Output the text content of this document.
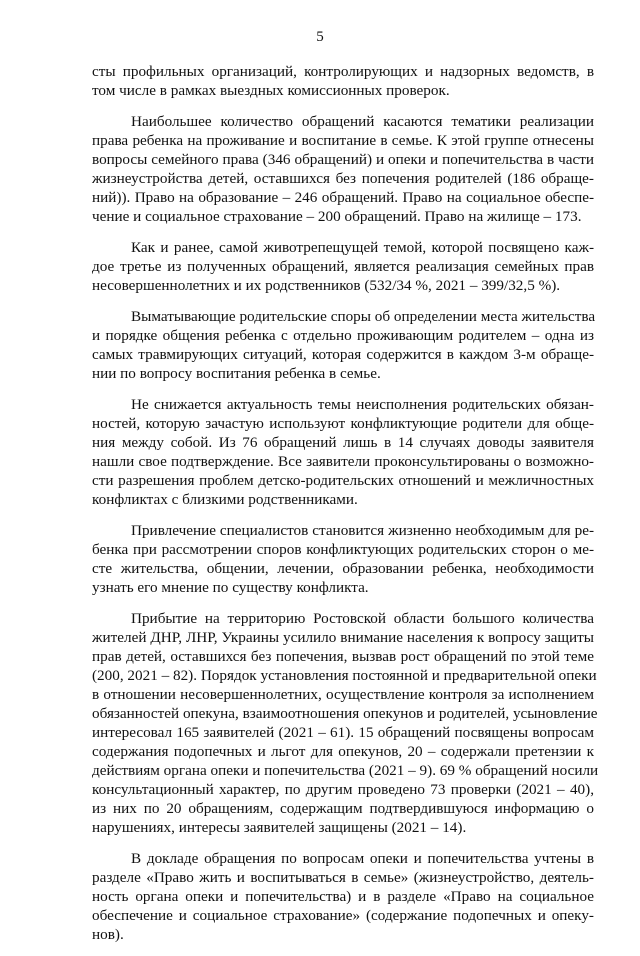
5
сты профильных организаций, контролирующих и надзорных ведомств, в
том числе в рамках выездных комиссионных проверок.
Наибольшее количество обращений касаются тематики реализации
права ребенка на проживание и воспитание в семье. К этой группе отнесены
вопросы семейного права (346 обращений) и опеки и попечительства в части
жизнеустройства детей, оставшихся без попечения родителей (186 обраще-
ний)). Право на образование – 246 обращений. Право на социальное обеспе-
чение и социальное страхование – 200 обращений. Право на жилище – 173.
Как и ранее, самой животрепещущей темой, которой посвящено каж-
дое третье из полученных обращений, является реализация семейных прав
несовершеннолетних и их родственников (532/34 %, 2021 – 399/32,5 %).
Выматывающие родительские споры об определении места жительства
и порядке общения ребенка с отдельно проживающим родителем – одна из
самых травмирующих ситуаций, которая содержится в каждом 3-м обраще-
нии по вопросу воспитания ребенка в семье.
Не снижается актуальность темы неисполнения родительских обязан-
ностей, которую зачастую используют конфликтующие родители для обще-
ния между собой. Из 76 обращений лишь в 14 случаях доводы заявителя
нашли свое подтверждение. Все заявители проконсультированы о возможно-
сти разрешения проблем детско-родительских отношений и межличностных
конфликтах с близкими родственниками.
Привлечение специалистов становится жизненно необходимым для ре-
бенка при рассмотрении споров конфликтующих родительских сторон о ме-
сте жительства, общении, лечении, образовании ребенка, необходимости
узнать его мнение по существу конфликта.
Прибытие на территорию Ростовской области большого количества
жителей ДНР, ЛНР, Украины усилило внимание населения к вопросу защиты
прав детей, оставшихся без попечения, вызвав рост обращений по этой теме
(200, 2021 – 82). Порядок установления постоянной и предварительной опеки
в отношении несовершеннолетних, осуществление контроля за исполнением
обязанностей опекуна, взаимоотношения опекунов и родителей, усыновление
интересовал 165 заявителей (2021 – 61). 15 обращений посвящены вопросам
содержания подопечных и льгот для опекунов, 20 – содержали претензии к
действиям органа опеки и попечительства (2021 – 9). 69 % обращений носили
консультационный характер, по другим проведено 73 проверки (2021 – 40),
из них по 20 обращениям, содержащим подтвердившуюся информацию о
нарушениях, интересы заявителей защищены (2021 – 14).
В докладе обращения по вопросам опеки и попечительства учтены в
разделе «Право жить и воспитываться в семье» (жизнеустройство, деятель-
ность органа опеки и попечительства) и в разделе «Право на социальное
обеспечение и социальное страхование» (содержание подопечных и опеку-
нов).
